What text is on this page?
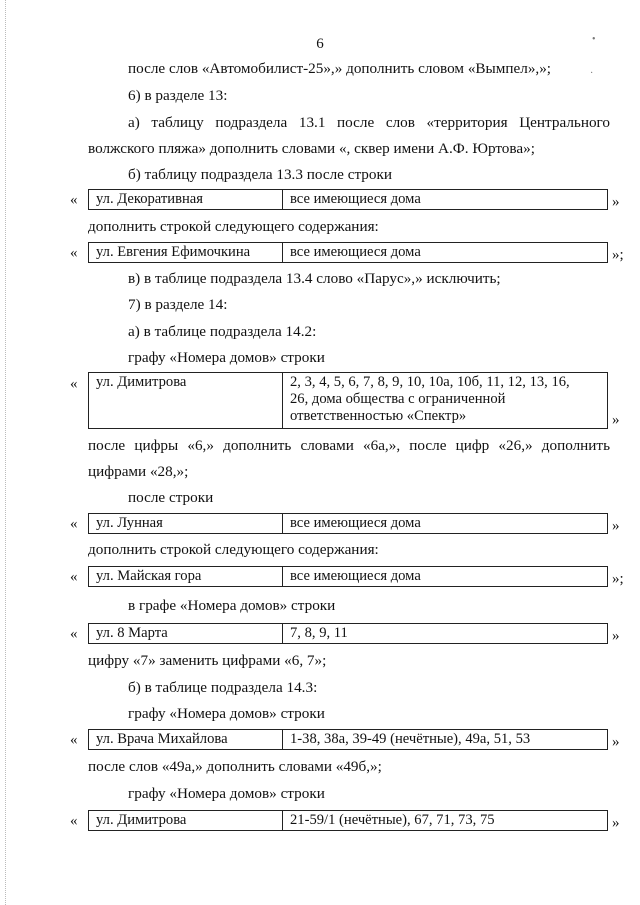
•
·
6
после слов «Автомобилист-25»,» дополнить словом «Вымпел»,»;
6) в разделе 13:
а) таблицу подраздела 13.1 после слов «территория Центрального
волжского пляжа» дополнить словами «, сквер имени А.Ф. Юртова»;
б) таблицу подраздела 13.3 после строки
«	ул. Декоративная	все имеющиеся дома	»
дополнить строкой следующего содержания:
«	ул. Евгения Ефимочкина	все имеющиеся дома	»;
в) в таблице подраздела 13.4 слово «Парус»,» исключить;
7) в разделе 14:
а) в таблице подраздела 14.2:
графу «Номера домов» строки
«	ул. Димитрова	2, 3, 4, 5, 6, 7, 8, 9, 10, 10а, 10б, 11, 12, 13, 16, 26, дома общества с ограниченной ответственностью «Спектр»	»
после цифры «6,» дополнить словами «6а,», после цифр «26,» дополнить
цифрами «28,»;
после строки
«	ул. Лунная	все имеющиеся дома	»
дополнить строкой следующего содержания:
«	ул. Майская гора	все имеющиеся дома	»;
в графе «Номера домов» строки
«	ул. 8 Марта	7, 8, 9, 11	»
цифру «7» заменить цифрами «6, 7»;
б) в таблице подраздела 14.3:
графу «Номера домов» строки
«	ул. Врача Михайлова	1-38, 38а, 39-49 (нечётные), 49а, 51, 53	»
после слов «49а,» дополнить словами «49б,»;
графу «Номера домов» строки
«	ул. Димитрова	21-59/1 (нечётные), 67, 71, 73, 75	»
